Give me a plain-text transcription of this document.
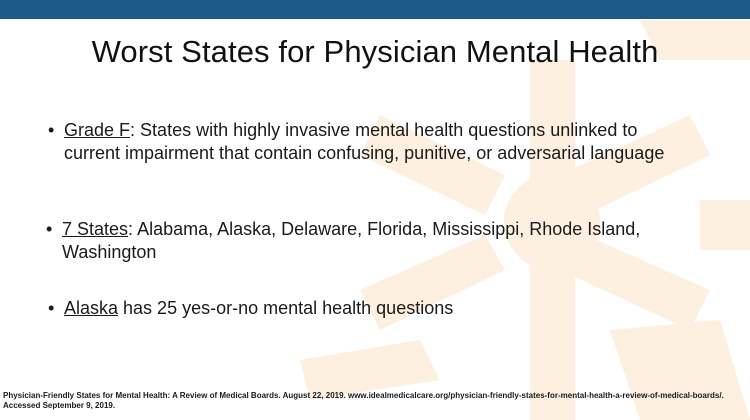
Worst States for Physician Mental Health
• Grade F: States with highly invasive mental health questions unlinked to current impairment that contain confusing, punitive, or adversarial language
• 7 States: Alabama, Alaska, Delaware, Florida, Mississippi, Rhode Island, Washington
• Alaska has 25 yes-or-no mental health questions
Physician-Friendly States for Mental Health: A Review of Medical Boards. August 22, 2019. www.idealmedicalcare.org/physician-friendly-states-for-mental-health-a-review-of-medical-boards/. Accessed September 9, 2019.
